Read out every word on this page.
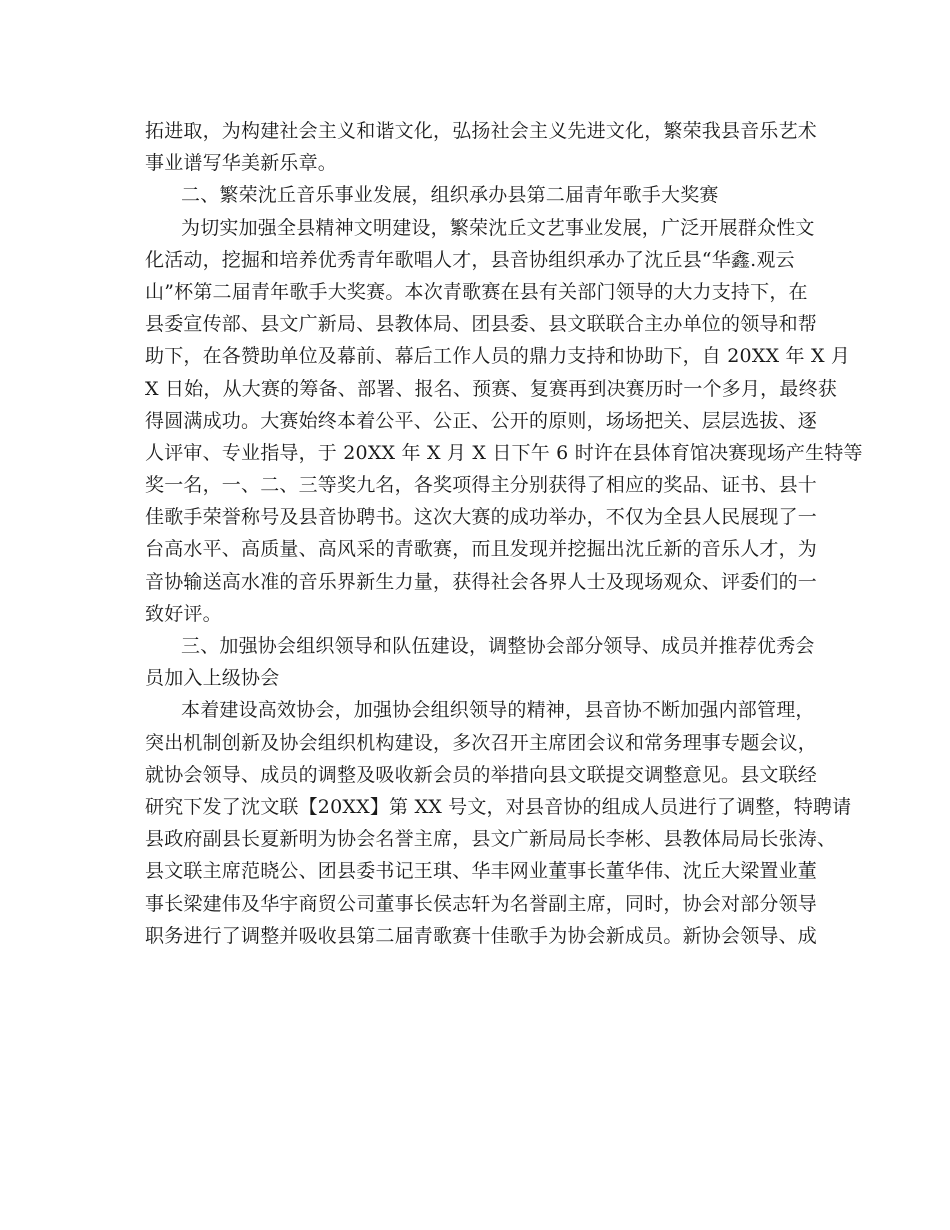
拓进取，为构建社会主义和谐文化，弘扬社会主义先进文化，繁荣我县音乐艺术
事业谱写华美新乐章。
二、繁荣沈丘音乐事业发展，组织承办县第二届青年歌手大奖赛
为切实加强全县精神文明建设，繁荣沈丘文艺事业发展，广泛开展群众性文
化活动，挖掘和培养优秀青年歌唱人才，县音协组织承办了沈丘县“华鑫.观云
山”杯第二届青年歌手大奖赛。本次青歌赛在县有关部门领导的大力支持下，在
县委宣传部、县文广新局、县教体局、团县委、县文联联合主办单位的领导和帮
助下，在各赞助单位及幕前、幕后工作人员的鼎力支持和协助下，自 20XX 年 X 月
X 日始，从大赛的筹备、部署、报名、预赛、复赛再到决赛历时一个多月，最终获
得圆满成功。大赛始终本着公平、公正、公开的原则，场场把关、层层选拔、逐
人评审、专业指导，于 20XX 年 X 月 X 日下午 6 时许在县体育馆决赛现场产生特等
奖一名，一、二、三等奖九名，各奖项得主分别获得了相应的奖品、证书、县十
佳歌手荣誉称号及县音协聘书。这次大赛的成功举办，不仅为全县人民展现了一
台高水平、高质量、高风采的青歌赛，而且发现并挖掘出沈丘新的音乐人才，为
音协输送高水准的音乐界新生力量，获得社会各界人士及现场观众、评委们的一
致好评。
三、加强协会组织领导和队伍建设，调整协会部分领导、成员并推荐优秀会
员加入上级协会
本着建设高效协会，加强协会组织领导的精神，县音协不断加强内部管理，
突出机制创新及协会组织机构建设，多次召开主席团会议和常务理事专题会议，
就协会领导、成员的调整及吸收新会员的举措向县文联提交调整意见。县文联经
研究下发了沈文联【20XX】第 XX 号文，对县音协的组成人员进行了调整，特聘请
县政府副县长夏新明为协会名誉主席，县文广新局局长李彬、县教体局局长张涛、
县文联主席范晓公、团县委书记王琪、华丰网业董事长董华伟、沈丘大梁置业董
事长梁建伟及华宇商贸公司董事长侯志轩为名誉副主席，同时，协会对部分领导
职务进行了调整并吸收县第二届青歌赛十佳歌手为协会新成员。新协会领导、成
